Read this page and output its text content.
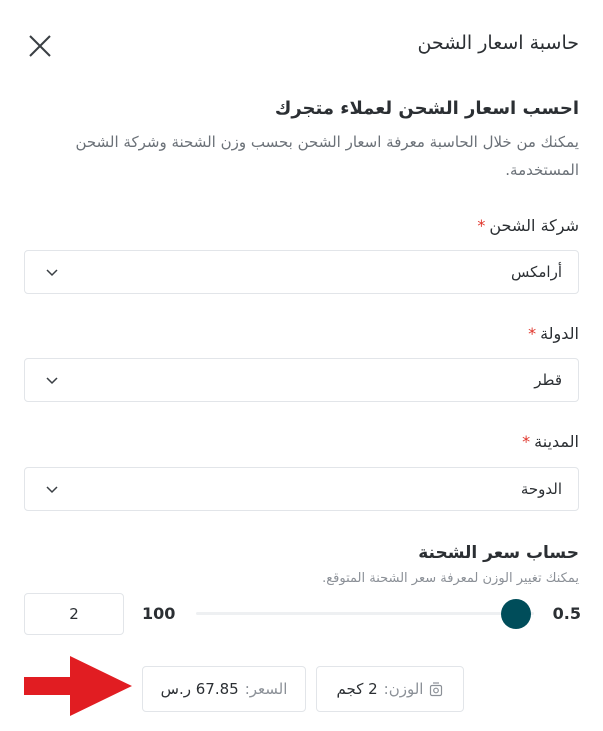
حاسبة اسعار الشحن
احسب اسعار الشحن لعملاء متجرك
يمكنك من خلال الحاسبة معرفة اسعار الشحن بحسب وزن الشحنة وشركة الشحن المستخدمة.
شركة الشحن*
أرامكس
الدولة*
قطر
المدينة*
الدوحة
حساب سعر الشحنة
يمكنك تغيير الوزن لمعرفة سعر الشحنة المتوقع.
0.5
100
2
الوزن:
2 كجم
السعر:
67.85 ر.س
